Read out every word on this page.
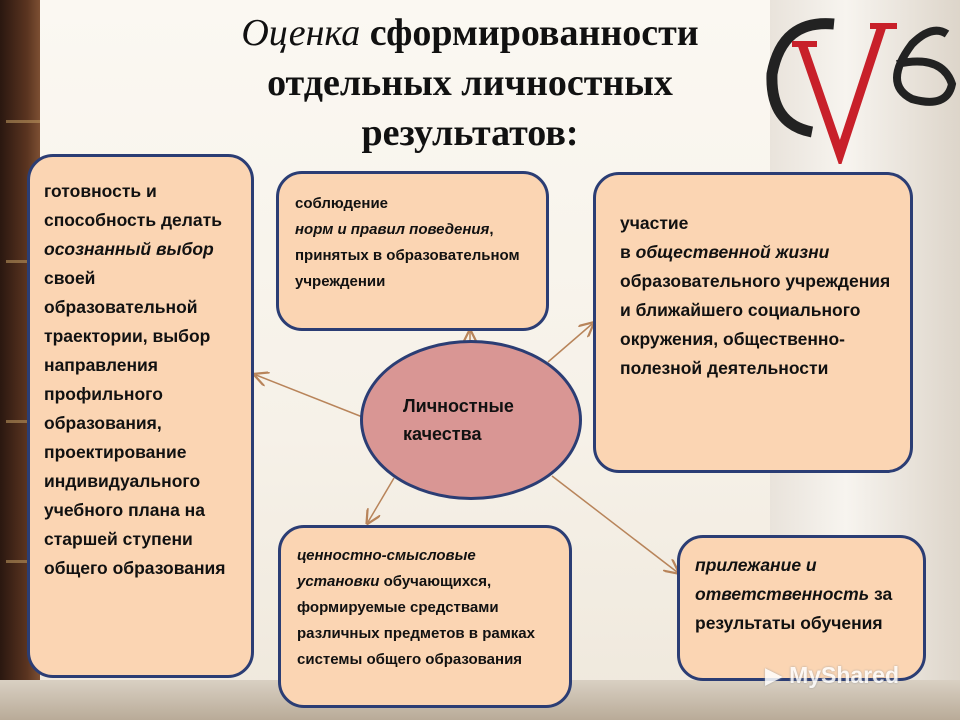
Оценка сформированности
отдельных личностных
результатов:

готовность и способность делать осознанный выбор своей образовательной траектории, выбор направления профильного образования, проектирование индивидуального учебного плана на старшей ступени общего образования

соблюдение
норм и правил поведения, принятых в образовательном учреждении

участие
в общественной жизни образовательного учреждения и ближайшего социального окружения, общественно-полезной деятельности

ценностно-смысловые установки обучающихся, формируемые средствами различных предметов в рамках системы общего образования

прилежание и ответственность за результаты обучения

Личностные
качества
▶ MyShared
